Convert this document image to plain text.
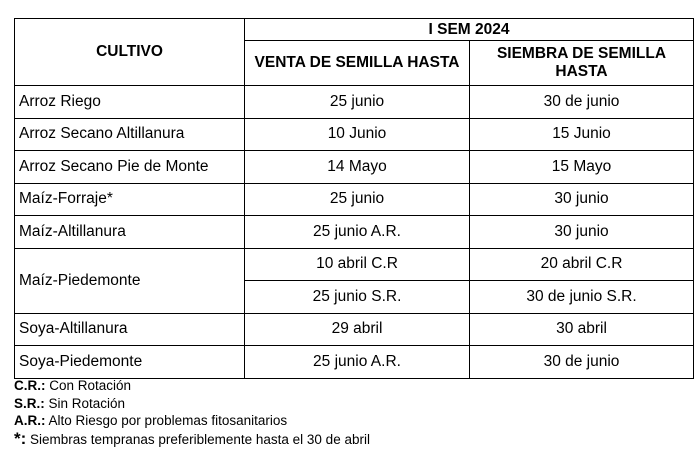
CULTIVO	I SEM 2024	
	VENTA DE SEMILLA HASTA	SIEMBRA DE SEMILLA HASTA
Arroz Riego	25 junio	30 de junio
Arroz Secano Altillanura	10 Junio	15 Junio
Arroz Secano Pie de Monte	14 Mayo	15 Mayo
Maíz-Forraje*	25 junio	30 junio
Maíz-Altillanura	25 junio A.R.	30 junio
Maíz-Piedemonte	10 abril C.R	20 abril C.R
	25 junio S.R.	30 de junio S.R.
Soya-Altillanura	29 abril	30 abril
Soya-Piedemonte	25 junio A.R.	30 de junio
C.R.: Con Rotación
S.R.: Sin Rotación
A.R.: Alto Riesgo por problemas fitosanitarios
*: Siembras tempranas preferiblemente hasta el 30 de abril
